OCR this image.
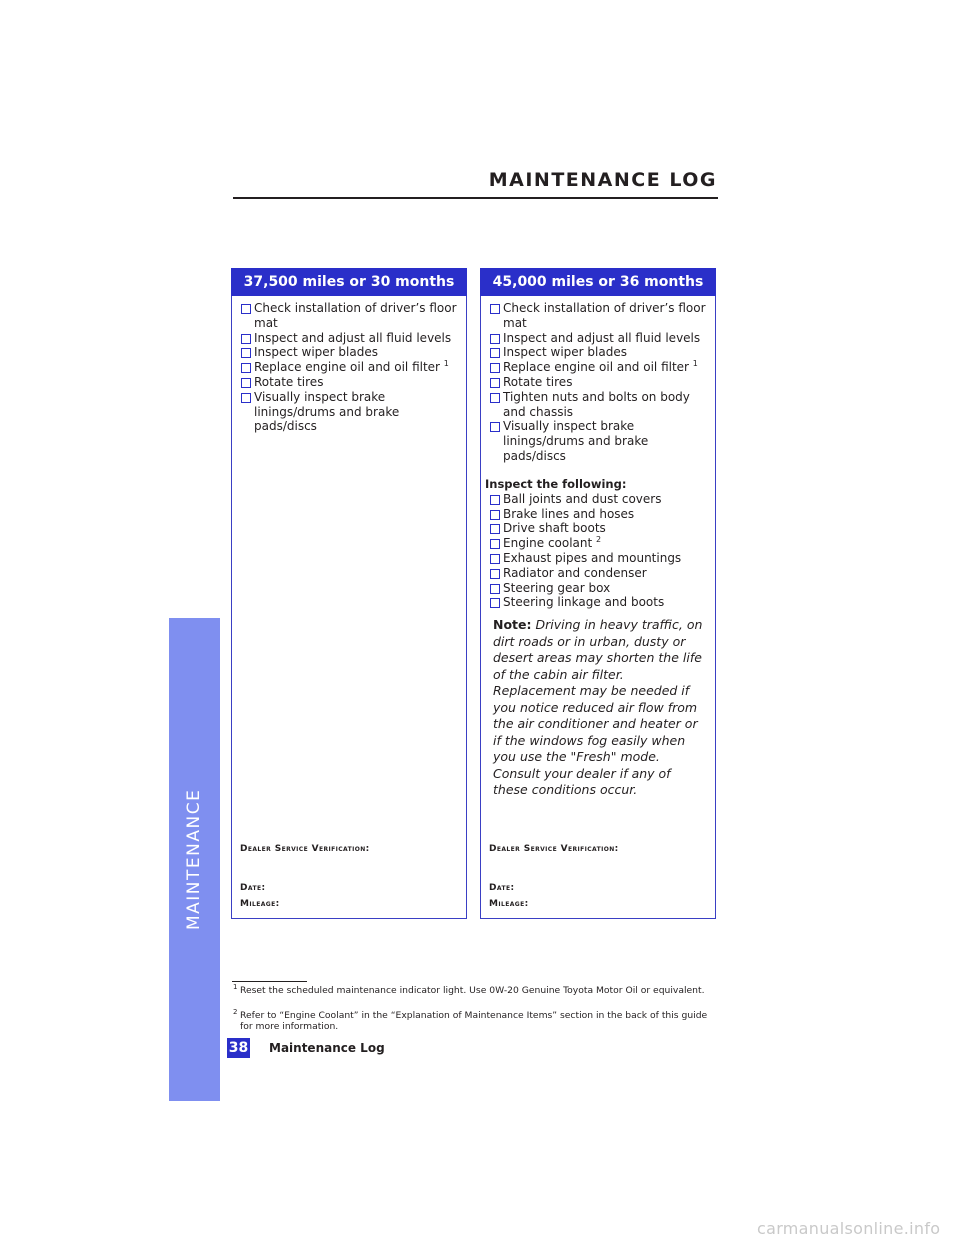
MAINTENANCE
MAINTENANCE LOG
37,500 miles or 30 months
Check installation of driver’s floor mat
Inspect and adjust all fluid levels
Inspect wiper blades
Replace engine oil and oil filter $^1$
Rotate tires
Visually inspect brake linings/drums and brake pads/discs
Dealer Service Verification:
Date:
Mileage:
45,000 miles or 36 months
Check installation of driver’s floor mat
Inspect and adjust all fluid levels
Inspect wiper blades
Replace engine oil and oil filter $^1$
Rotate tires
Tighten nuts and bolts on body and chassis
Visually inspect brake linings/drums and brake pads/discs
Inspect the following:
Ball joints and dust covers
Brake lines and hoses
Drive shaft boots
Engine coolant $^2$
Exhaust pipes and mountings
Radiator and condenser
Steering gear box
Steering linkage and boots

Note: Driving in heavy traffic, on dirt roads or in urban, dusty or desert areas may shorten the life of the cabin air filter. Replacement may be needed if you notice reduced air flow from the air conditioner and heater or if the windows fog easily when you use the "Fresh" mode. Consult your dealer if any of these conditions occur.

Dealer Service Verification:
Date:
Mileage:
1 Reset the scheduled maintenance indicator light. Use 0W-20 Genuine Toyota Motor Oil or equivalent.
2 Refer to “Engine Coolant” in the “Explanation of Maintenance Items” section in the back of this guide for more information.
38 Maintenance Log
carmanualsonline.info
